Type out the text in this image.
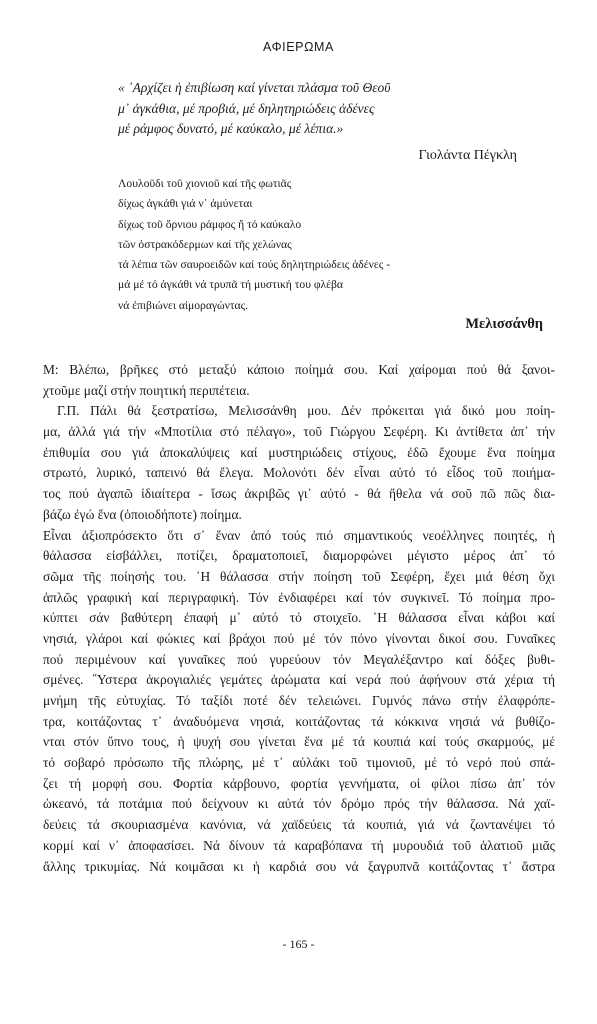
ΑΦΙΕΡΩΜΑ
« ᾿Αρχίζει ἡ ἐπιβίωση καί γίνεται πλάσμα τοῦ Θεοῦ
μ᾿ ἀγκάθια, μέ προβιά, μέ δηλητηριώδεις ἀδένες
μέ ράμφος δυνατό, μέ καύκαλο, μέ λέπια.»
Γιολάντα Πέγκλη
Λουλοῦδι τοῦ χιονιοῦ καί τῆς φωτιᾶς
δίχως ἀγκάθι γιά ν᾿ ἀμύνεται
δίχως τοῦ ὄρνιου ράμφος ἤ τό καύκαλο
τῶν ὀστρακόδερμων καί τῆς χελώνας
τά λέπια τῶν σαυροειδῶν καί τούς δηλητηριώδεις ἀδένες -
μά μέ τό ἀγκάθι νά τρυπᾶ τή μυστική του φλέβα
νά ἐπιβιώνει αἱμοραγώντας.
Μελισσάνθη
Μ: Βλέπω, βρῆκες στό μεταξύ κάποιο ποίημά σου. Καί χαίρομαι πού θά ξανοι-
χτοῦμε μαζί στήν ποιητική περιπέτεια.
Γ.Π. Πάλι θά ξεστρατίσω, Μελισσάνθη μου. Δέν πρόκειται γιά δικό μου ποίη-
μα, ἀλλά γιά τήν «Μποτίλια στό πέλαγο», τοῦ Γιώργου Σεφέρη. Κι ἀντίθετα ἀπ᾿ τήν
ἐπιθυμία σου γιά ἀποκαλύψεις καί μυστηριώδεις στίχους, ἐδῶ ἔχουμε ἕνα ποίημα
στρωτό, λυρικό, ταπεινό θά ἔλεγα. Μολονότι δέν εἶναι αὐτό τό εἶδος τοῦ ποιήμα-
τος πού ἀγαπῶ ἰδιαίτερα - ἴσως ἀκριβῶς γι᾿ αὐτό - θά ἤθελα νά σοῦ πῶ πῶς δια-
βάζω ἐγώ ἕνα (ὁποιοδήποτε) ποίημα.
Εἶναι ἀξιοπρόσεκτο ὅτι σ᾿ ἕναν ἀπό τούς πιό σημαντικούς νεοέλληνες ποιητές, ἡ
θάλασσα εἰσβάλλει, ποτίζει, δραματοποιεῖ, διαμορφώνει μέγιστο μέρος ἀπ᾿ τό
σῶμα τῆς ποίησής του. ῾Η θάλασσα στήν ποίηση τοῦ Σεφέρη, ἔχει μιά θέση ὄχι
ἁπλῶς γραφική καί περιγραφική. Τόν ἐνδιαφέρει καί τόν συγκινεῖ. Τό ποίημα προ-
κύπτει σάν βαθύτερη ἐπαφή μ᾿ αὐτό τό στοιχεῖο. ῾Η θάλασσα εἶναι κάβοι καί
νησιά, γλάροι καί φώκιες καί βράχοι πού μέ τόν πόνο γίνονται δικοί σου. Γυναῖκες
πού περιμένουν καί γυναῖκες πού γυρεύουν τόν Μεγαλέξαντρο καί δόξες βυθι-
σμένες. ῞Υστερα ἀκρογιαλιές γεμάτες ἀρώματα καί νερά πού ἀφήνουν στά χέρια τή
μνήμη τῆς εὐτυχίας. Τό ταξίδι ποτέ δέν τελειώνει. Γυμνός πάνω στήν ἐλαφρόπε-
τρα, κοιτάζοντας τ᾿ ἀναδυόμενα νησιά, κοιτάζοντας τά κόκκινα νησιά νά βυθίζο-
νται στόν ὕπνο τους, ἡ ψυχή σου γίνεται ἕνα μέ τά κουπιά καί τούς σκαρμούς, μέ
τό σοβαρό πρόσωπο τῆς πλώρης, μέ τ᾿ αὐλάκι τοῦ τιμονιοῦ, μέ τό νερό πού σπά-
ζει τή μορφή σου. Φορτία κάρβουνο, φορτία γεννήματα, οἱ φίλοι πίσω ἀπ᾿ τόν
ὠκεανό, τά ποτάμια πού δείχνουν κι αὐτά τόν δρόμο πρός τήν θάλασσα. Νά χαϊ-
δεύεις τά σκουριασμένα κανόνια, νά χαϊδεύεις τά κουπιά, γιά νά ζωντανέψει τό
κορμί καί ν᾿ ἀποφασίσει. Νά δίνουν τά καραβόπανα τή μυρουδιά τοῦ ἁλατιοῦ μιᾶς
ἄλλης τρικυμίας. Νά κοιμᾶσαι κι ἡ καρδιά σου νά ξαγρυπνᾶ κοιτάζοντας τ᾿ ἄστρα
- 165 -
